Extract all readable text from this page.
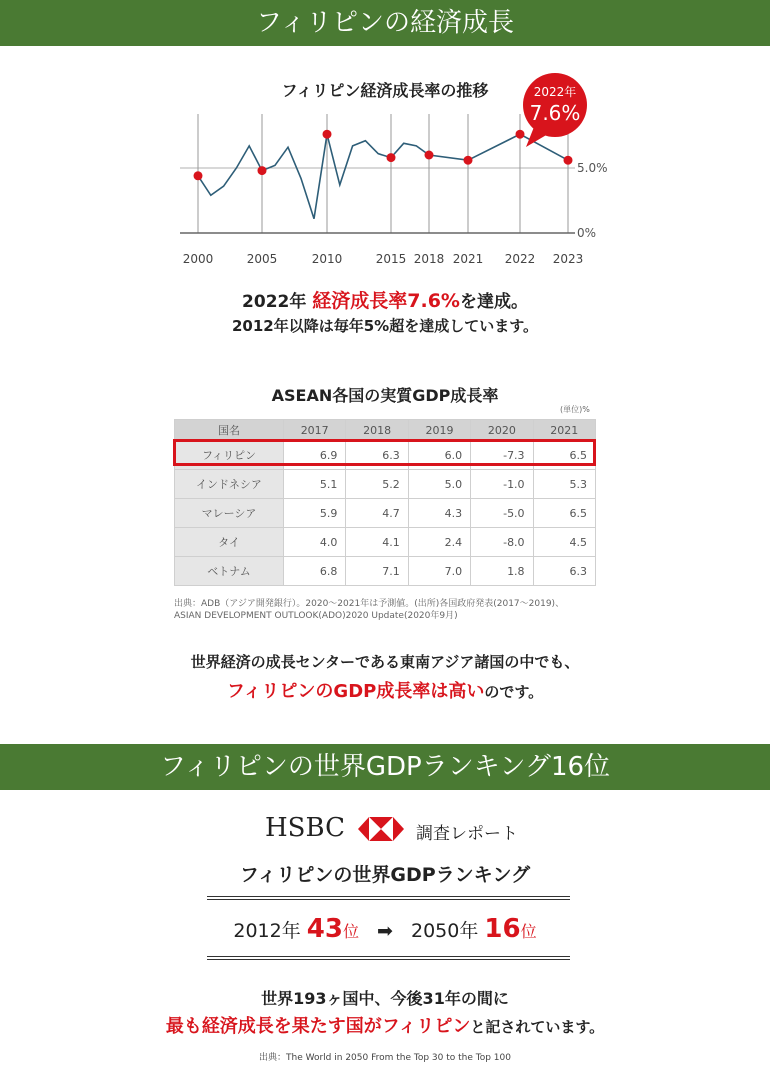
フィリピンの経済成長
フィリピン経済成長率の推移
5.0%
0%
2000	2005	2010	2015 2018 2021 2022 2023
2022年
7.6%
2022年 経済成長率7.6%を達成。
2012年以降は毎年5%超を達成しています。
ASEAN各国の実質GDP成長率
(単位)%
国名	2017	2018	2019	2020	2021
フィリピン	6.9	6.3	6.0	-7.3	6.5
インドネシア	5.1	5.2	5.0	-1.0	5.3
マレーシア	5.9	4.7	4.3	-5.0	6.5
タイ	4.0	4.1	2.4	-8.0	4.5
ベトナム	6.8	7.1	7.0	1.8	6.3
出典：ADB（アジア開発銀行）。2020〜2021年は予測値。(出所)各国政府発表(2017〜2019)、
ASIAN DEVELOPMENT OUTLOOK(ADO)2020 Update(2020年9月)
世界経済の成長センターである東南アジア諸国の中でも、
フィリピンのGDP成長率は高いのです。
フィリピンの世界GDPランキング16位
HSBC	調査レポート
フィリピンの世界GDPランキング
2012年 43位 ➡ 2050年 16位
世界193ヶ国中、今後31年の間に
最も経済成長を果たす国がフィリピンと記されています。
出典：The World in 2050 From the Top 30 to the Top 100
